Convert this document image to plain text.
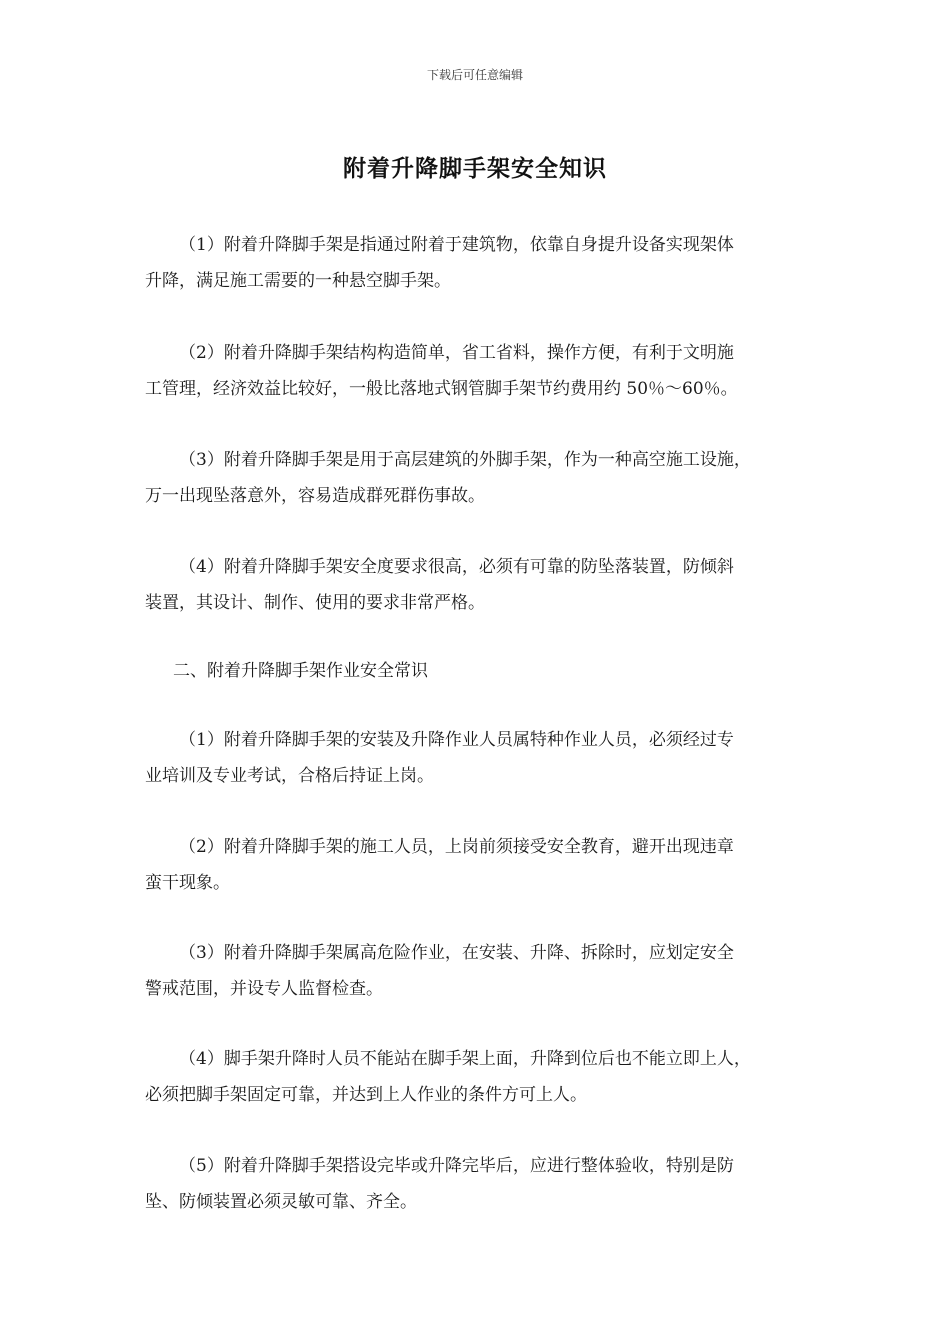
下载后可任意编辑
附着升降脚手架安全知识
（1）附着升降脚手架是指通过附着于建筑物，依靠自身提升设备实现架体
升降，满足施工需要的一种悬空脚手架。
（2）附着升降脚手架结构构造简单，省工省料，操作方便，有利于文明施
工管理，经济效益比较好，一般比落地式钢管脚手架节约费用约 50％～60％。
（3）附着升降脚手架是用于高层建筑的外脚手架，作为一种高空施工设施，
万一出现坠落意外，容易造成群死群伤事故。
（4）附着升降脚手架安全度要求很高，必须有可靠的防坠落装置，防倾斜
装置，其设计、制作、使用的要求非常严格。
二、附着升降脚手架作业安全常识
（1）附着升降脚手架的安装及升降作业人员属特种作业人员，必须经过专
业培训及专业考试，合格后持证上岗。
（2）附着升降脚手架的施工人员，上岗前须接受安全教育，避开出现违章
蛮干现象。
（3）附着升降脚手架属高危险作业，在安装、升降、拆除时，应划定安全
警戒范围，并设专人监督检查。
（4）脚手架升降时人员不能站在脚手架上面，升降到位后也不能立即上人，
必须把脚手架固定可靠，并达到上人作业的条件方可上人。
（5）附着升降脚手架搭设完毕或升降完毕后，应进行整体验收，特别是防
坠、防倾装置必须灵敏可靠、齐全。
